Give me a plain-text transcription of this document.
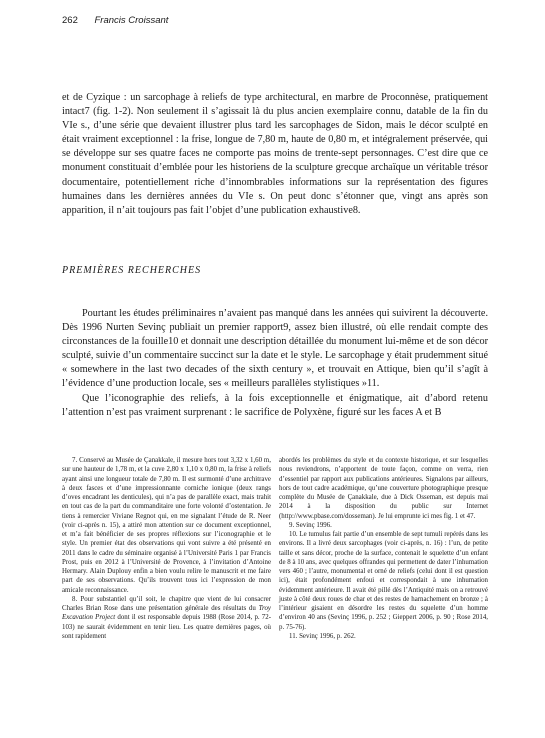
262 Francis Croissant

et de Cyzique : un sarcophage à reliefs de type architectural, en marbre de Proconnèse, pratiquement intact7 (fig. 1-2). Non seulement il s’agissait là du plus ancien exemplaire connu, datable de la fin du VIe s., d’une série que devaient illustrer plus tard les sarcophages de Sidon, mais le décor sculpté en était vraiment exceptionnel : la frise, longue de 7,80 m, haute de 0,80 m, et intégralement préservée, qui se développe sur ses quatre faces ne comporte pas moins de trente-sept personnages. C’est dire que ce monument constituait d’emblée pour les historiens de la sculpture grecque archaïque un véritable trésor documentaire, potentiellement riche d’innombrables informations sur la représentation des figures humaines dans les dernières années du VIe s. On peut donc s’étonner que, vingt ans après son apparition, il n’ait toujours pas fait l’objet d’une publication exhaustive8.

PREMIÈRES RECHERCHES

Pourtant les études préliminaires n’avaient pas manqué dans les années qui suivirent la découverte. Dès 1996 Nurten Sevinç publiait un premier rapport9, assez bien illustré, où elle rendait compte des circonstances de la fouille10 et donnait une description détaillée du monument lui-même et de son décor sculpté, suivie d’un commentaire succinct sur la date et le style. Le sarcophage y était prudemment situé « somewhere in the last two decades of the sixth century », et trouvait en Attique, bien qu’il s’agît à l’évidence d’une production locale, ses « meilleurs parallèles stylistiques »11.

Que l’iconographie des reliefs, à la fois exceptionnelle et énigmatique, ait d’abord retenu l’attention n’est pas vraiment surprenant : le sacrifice de Polyxène, figuré sur les faces A et B

7. Conservé au Musée de Çanakkale, il mesure hors tout 3,32 x 1,60 m, sur une hauteur de 1,78 m, et la cuve 2,80 x 1,10 x 0,80 m, la frise à reliefs ayant ainsi une longueur totale de 7,80 m. Il est surmonté d’une architrave à deux fasces et d’une impressionnante corniche ionique (deux rangs d’oves encadrant les denticules), qui n’a pas de parallèle exact, mais trahit en tout cas de la part du commanditaire une forte volonté d’ostentation. Je tiens à remercier Viviane Regnot qui, en me signalant l’étude de R. Neer (voir ci-après n. 15), a attiré mon attention sur ce document exceptionnel, et m’a fait bénéficier de ses propres réflexions sur l’iconographie et le style. Un premier état des observations qui vont suivre a été présenté en 2011 dans le cadre du séminaire organisé à l’Université Paris 1 par Francis Prost, puis en 2012 à l’Université de Provence, à l’invitation d’Antoine Hermary. Alain Duplouy enfin a bien voulu relire le manuscrit et me faire part de ses observations. Qu’ils trouvent tous ici l’expression de mon amicale reconnaissance.

8. Pour substantiel qu’il soit, le chapitre que vient de lui consacrer Charles Brian Rose dans une présentation générale des résultats du Troy Excavation Project dont il est responsable depuis 1988 (Rose 2014, p. 72-103) ne saurait évidemment en tenir lieu. Les quatre dernières pages, où sont rapidement

abordés les problèmes du style et du contexte historique, et sur lesquelles nous reviendrons, n’apportent de toute façon, comme on verra, rien d’essentiel par rapport aux publications antérieures. Signalons par ailleurs, hors de tout cadre académique, qu’une couverture photographique presque complète du Musée de Çanakkale, due à Dick Osseman, est depuis mai 2014 à la disposition du public sur Internet (http://www.pbase.com/dosseman). Je lui emprunte ici mes fig. 1 et 47.

9. Sevinç 1996.

10. Le tumulus fait partie d’un ensemble de sept tumuli repérés dans les environs. Il a livré deux sarcophages (voir ci-après, n. 16) : l’un, de petite taille et sans décor, proche de la surface, contenait le squelette d’un enfant de 8 à 10 ans, avec quelques offrandes qui permettent de dater l’inhumation vers 460 ; l’autre, monumental et orné de reliefs (celui dont il est question ici), était profondément enfoui et correspondait à une inhumation évidemment antérieure. Il avait été pillé dès l’Antiquité mais on a retrouvé juste à côté deux roues de char et des restes de harnachement en bronze ; à l’intérieur gisaient en désordre les restes du squelette d’un homme d’environ 40 ans (Sevinç 1996, p. 252 ; Gieppert 2006, p. 90 ; Rose 2014, p. 75-76).

11. Sevinç 1996, p. 262.
